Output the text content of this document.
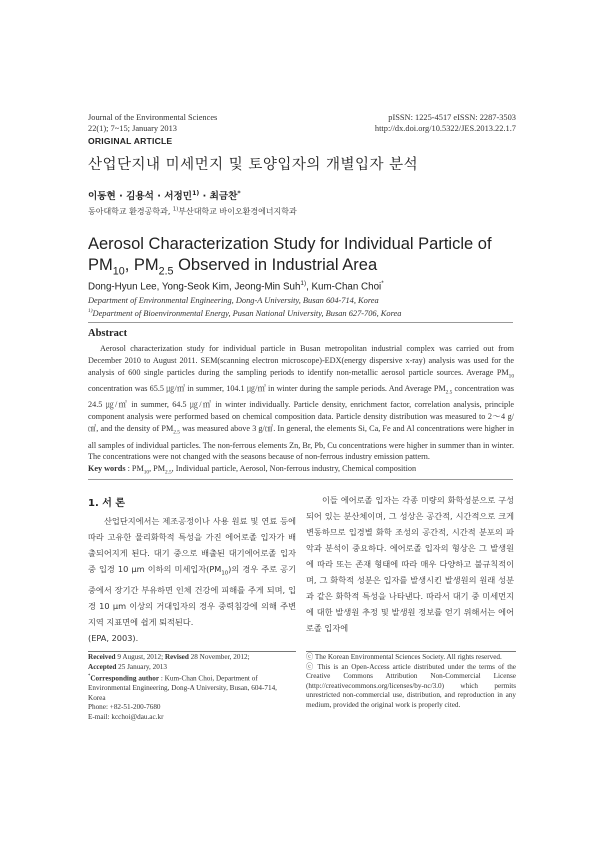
Journal of the Environmental Sciences
22(1); 7~15; January 2013
pISSN: 1225-4517 eISSN: 2287-3503
http://dx.doi.org/10.5322/JES.2013.22.1.7
ORIGINAL ARTICLE
산업단지내 미세먼지 및 토양입자의 개별입자 분석
이동현 · 김용석 · 서정민$^{1)}$ · 최금찬*
동아대학교 환경공학과, $^{1)}$부산대학교 바이오환경에너지학과
Aerosol Characterization Study for Individual Particle of
$PM_{10}$, $PM_{2.5}$ Observed in Industrial Area
Dong-Hyun Lee, Yong-Seok Kim, Jeong-Min Suh$^{1)}$, Kum-Chan Choi*
Department of Environmental Engineering, Dong-A University, Busan 604-714, Korea
$^{1)}$Department of Bioenvironmental Energy, Pusan National University, Busan 627-706, Korea
Abstract
Aerosol characterization study for individual particle in Busan metropolitan industrial complex was carried out from December 2010 to August 2011. SEM(scanning electron microscope)-EDX(energy dispersive x-ray) analysis was used for the analysis of 600 single particles during the sampling periods to identify non-metallic aerosol particle sources. Average $PM_{10}$ concentration was 65.5 ㎍/㎥ in summer, 104.1 ㎍/㎥ in winter during the sample periods. And Average $PM_{2.5}$ concentration was 24.5 ㎍/㎥ in summer, 64.5 ㎍/㎥ in winter individually. Particle density, enrichment factor, correlation analysis, principle component analysis were performed based on chemical composition data. Particle density distribution was measured to 2～4 g/㎤, and the density of $PM_{2.5}$ was measured above 3 g/㎤. In general, the elements Si, Ca, Fe and Al concentrations were higher in all samples of individual particles. The non-ferrous elements Zn, Br, Pb, Cu concentrations were higher in summer than in winter. The concentrations were not changed with the seasons because of non-ferrous industry emission pattern.
Key words : $PM_{10}$, $PM_{2.5}$, Individual particle, Aerosol, Non-ferrous industry, Chemical composition
1. 서 론
산업단지에서는 제조공정이나 사용 원료 및 연료 등에 따라 고유한 물리화학적 특성을 가진 에어로졸 입자가 배출되어지게 된다. 대기 중으로 배출된 대기에어로졸 입자 중 입경 10 μm 이하의 미세입자$(PM_{10})$의 경우 주로 공기 중에서 장기간 부유하면 인체 건강에 피해를 주게 되며, 입경 10 μm 이상의 거대입자의 경우 중력침강에 의해 주변지역 지표면에 쉽게 퇴적된다.
(EPA, 2003).
이들 에어로졸 입자는 각종 미량의 화학성분으로 구성되어 있는 분산체이며, 그 성상은 공간적, 시간적으로 크게 변동하므로 입경별 화학 조성의 공간적, 시간적 분포의 파악과 분석이 중요하다. 에어로졸 입자의 형상은 그 발생원에 따라 또는 존재 형태에 따라 매우 다양하고 불규칙적이며, 그 화학적 성분은 입자를 발생시킨 발생원의 원래 성분과 같은 화학적 특성을 나타낸다. 따라서 대기 중 미세먼지에 대한 발생원 추정 및 발생원 정보를 얻기 위해서는 에어로졸 입자에
Received 9 August, 2012; Revised 28 November, 2012;
Accepted 25 January, 2013
*Corresponding author : Kum-Chan Choi, Department of Environmental Engineering, Dong-A University, Busan, 604-714, Korea
Phone: +82-51-200-7680
E-mail: kcchoi@dau.ac.kr
ⓒ The Korean Environmental Sciences Society. All rights reserved.
ⓒ This is an Open-Access article distributed under the terms of the Creative Commons Attribution Non-Commercial License (http://creativecommons.org/licenses/by-nc/3.0) which permits unrestricted non-commercial use, distribution, and reproduction in any medium, provided the original work is properly cited.
